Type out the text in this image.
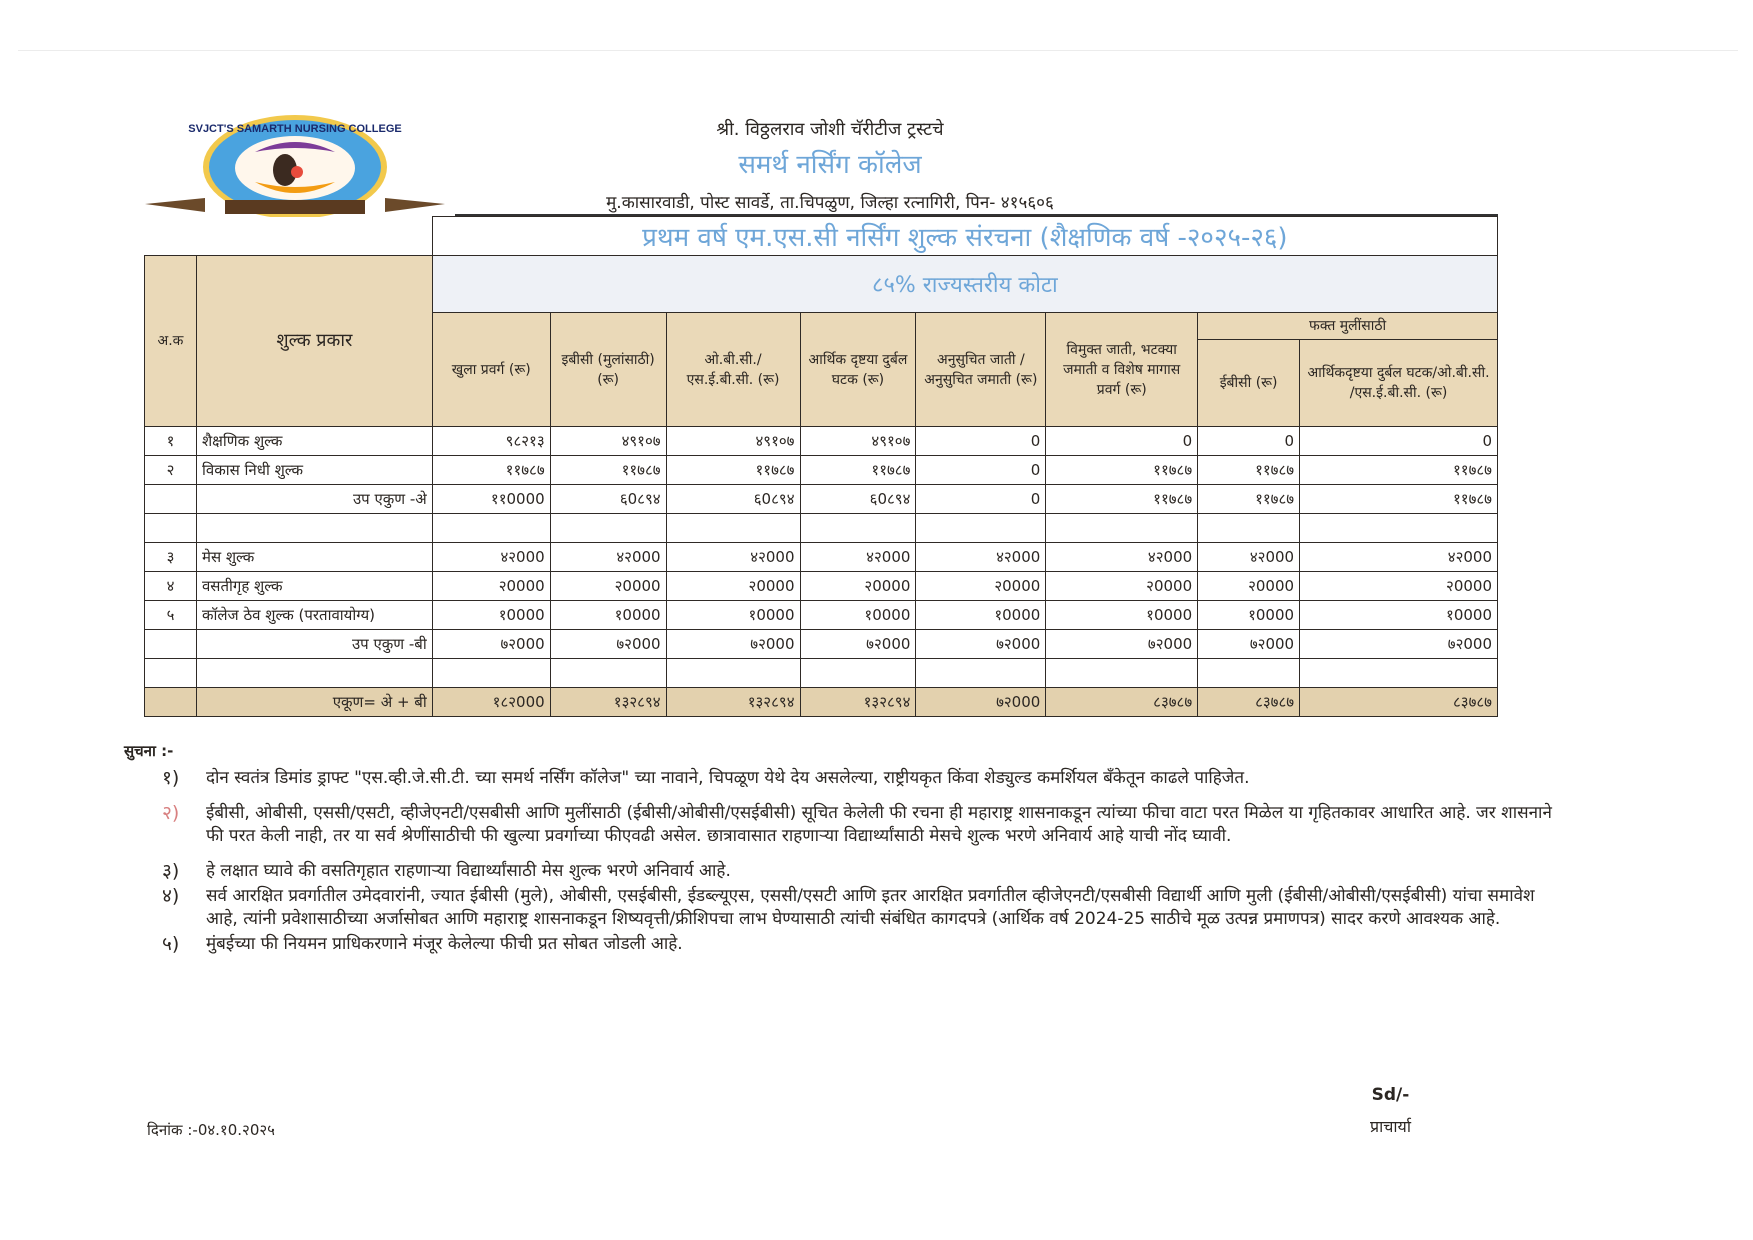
SVJCT'S SAMARTH NURSING COLLEGE	श्री. विठ्ठलराव जोशी चॅरीटीज ट्रस्टचे
समर्थ नर्सिंग कॉलेज
मु.कासारवाडी, पोस्ट सावर्डे, ता.चिपळुण, जिल्हा रत्नागिरी, पिन- ४१५६०६
		प्रथम वर्ष एम.एस.सी नर्सिंग शुल्क संरचना (शैक्षणिक वर्ष -२०२५-२६)							
अ.क	शुल्क प्रकार	८५% राज्यस्तरीय कोटा							
		खुला प्रवर्ग (रू)	इबीसी (मुलांसाठी) (रू)	ओ.बी.सी./ एस.ई.बी.सी. (रू)	आर्थिक दृष्टया दुर्बल घटक (रू)	अनुसुचित जाती / अनुसुचित जमाती (रू)	विमुक्त जाती, भटक्या जमाती व विशेष मागास प्रवर्ग (रू)	फक्त मुलींसाठी	
								ईबीसी (रू)	आर्थिकदृष्टया दुर्बल घटक/ओ.बी.सी. /एस.ई.बी.सी. (रू)
१	शैक्षणिक शुल्क	९८२१३	४९१०७	४९१०७	४९१०७	0	0	0	0
२	विकास निधी शुल्क	११७८७	११७८७	११७८७	११७८७	0	११७८७	११७८७	११७८७
	उप एकुण -अे	११0000	६0८९४	६0८९४	६0८९४	0	११७८७	११७८७	११७८७

३	मेस शुल्क	४२000	४२000	४२000	४२000	४२000	४२000	४२000	४२000
४	वसतीगृह शुल्क	२0000	२0000	२0000	२0000	२0000	२0000	२0000	२0000
५	कॉलेज ठेव शुल्क (परतावायोग्य)	१0000	१0000	१0000	१0000	१0000	१0000	१0000	१0000
	उप एकुण -बी	७२000	७२000	७२000	७२000	७२000	७२000	७२000	७२000

	एकूण= अे + बी	१८२000	१३२८९४	१३२८९४	१३२८९४	७२000	८३७८७	८३७८७	८३७८७
सुचना :-
१)	दोन स्वतंत्र डिमांड ड्राफ्ट "एस.व्ही.जे.सी.टी. च्या समर्थ नर्सिंग कॉलेज" च्या नावाने, चिपळूण येथे देय असलेल्या, राष्ट्रीयकृत किंवा शेड्युल्ड कमर्शियल बँकेतून काढले पाहिजेत.
२)	ईबीसी, ओबीसी, एससी/एसटी, व्हीजेएनटी/एसबीसी आणि मुलींसाठी (ईबीसी/ओबीसी/एसईबीसी) सूचित केलेली फी रचना ही महाराष्ट्र शासनाकडून त्यांच्या फीचा वाटा परत मिळेल या गृहितकावर आधारित आहे. जर शासनाने फी परत केली नाही, तर या सर्व श्रेणींसाठीची फी खुल्या प्रवर्गाच्या फीएवढी असेल. छात्रावासात राहणाऱ्या विद्यार्थ्यांसाठी मेसचे शुल्क भरणे अनिवार्य आहे याची नोंद घ्यावी.
३)	हे लक्षात घ्यावे की वसतिगृहात राहणाऱ्या विद्यार्थ्यांसाठी मेस शुल्क भरणे अनिवार्य आहे.
४)	सर्व आरक्षित प्रवर्गातील उमेदवारांनी, ज्यात ईबीसी (मुले), ओबीसी, एसईबीसी, ईडब्ल्यूएस, एससी/एसटी आणि इतर आरक्षित प्रवर्गातील व्हीजेएनटी/एसबीसी विद्यार्थी आणि मुली (ईबीसी/ओबीसी/एसईबीसी) यांचा समावेश आहे, त्यांनी प्रवेशासाठीच्या अर्जासोबत आणि महाराष्ट्र शासनाकडून शिष्यवृत्ती/फ्रीशिपचा लाभ घेण्यासाठी त्यांची संबंधित कागदपत्रे (आर्थिक वर्ष 2024-25 साठीचे मूळ उत्पन्न प्रमाणपत्र) सादर करणे आवश्यक आहे.
५)	मुंबईच्या फी नियमन प्राधिकरणाने मंजूर केलेल्या फीची प्रत सोबत जोडली आहे.
दिनांक :-0४.१0.२0२५
Sd/-
प्राचार्या
